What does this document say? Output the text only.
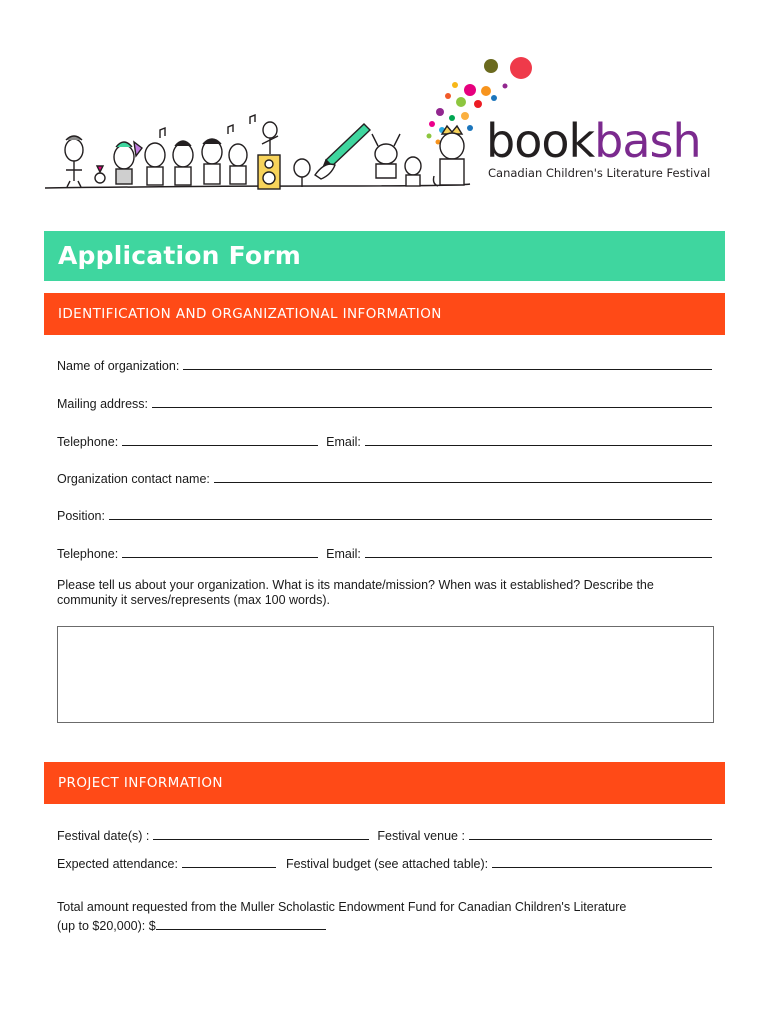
bookbash
Canadian Children's Literature Festival
Application Form
IDENTIFICATION AND ORGANIZATIONAL INFORMATION
Name of organization:
Mailing address:
Telephone:	Email:
Organization contact name:
Position:
Telephone:	Email:
Please tell us about your organization. What is its mandate/mission? When was it established? Describe the community it serves/represents (max 100 words).
PROJECT INFORMATION
Festival date(s) :	Festival venue :
Expected attendance:	Festival budget (see attached table):
Total amount requested from the Muller Scholastic Endowment Fund for Canadian Children's Literature
(up to $20,000): $
